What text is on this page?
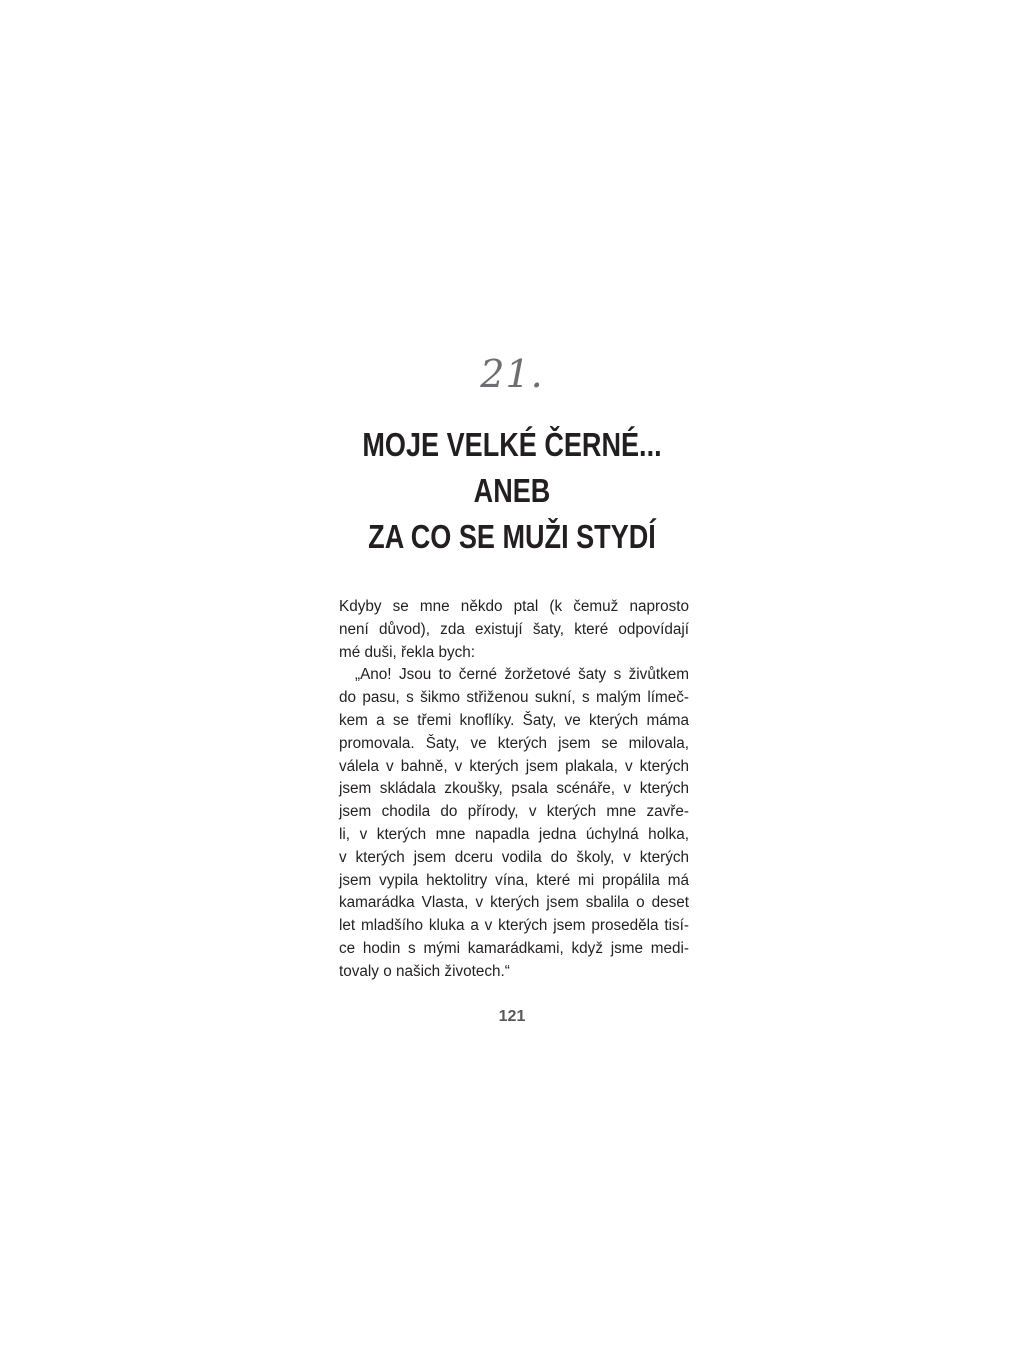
21.
MOJE VELKÉ ČERNÉ...
ANEB
ZA CO SE MUŽI STYDÍ
Kdyby se mne někdo ptal (k čemuž naprosto
není důvod), zda existují šaty, které odpovídají
mé duši, řekla bych:
„Ano! Jsou to černé žoržetové šaty s živůtkem
do pasu, s šikmo střiženou sukní, s malým límeč-
kem a se třemi knoflíky. Šaty, ve kterých máma
promovala. Šaty, ve kterých jsem se milovala,
válela v bahně, v kterých jsem plakala, v kterých
jsem skládala zkoušky, psala scénáře, v kterých
jsem chodila do přírody, v kterých mne zavře-
li, v kterých mne napadla jedna úchylná holka,
v kterých jsem dceru vodila do školy, v kterých
jsem vypila hektolitry vína, které mi propálila má
kamarádka Vlasta, v kterých jsem sbalila o deset
let mladšího kluka a v kterých jsem proseděla tisí-
ce hodin s mými kamarádkami, když jsme medi-
tovaly o našich životech.“
121
